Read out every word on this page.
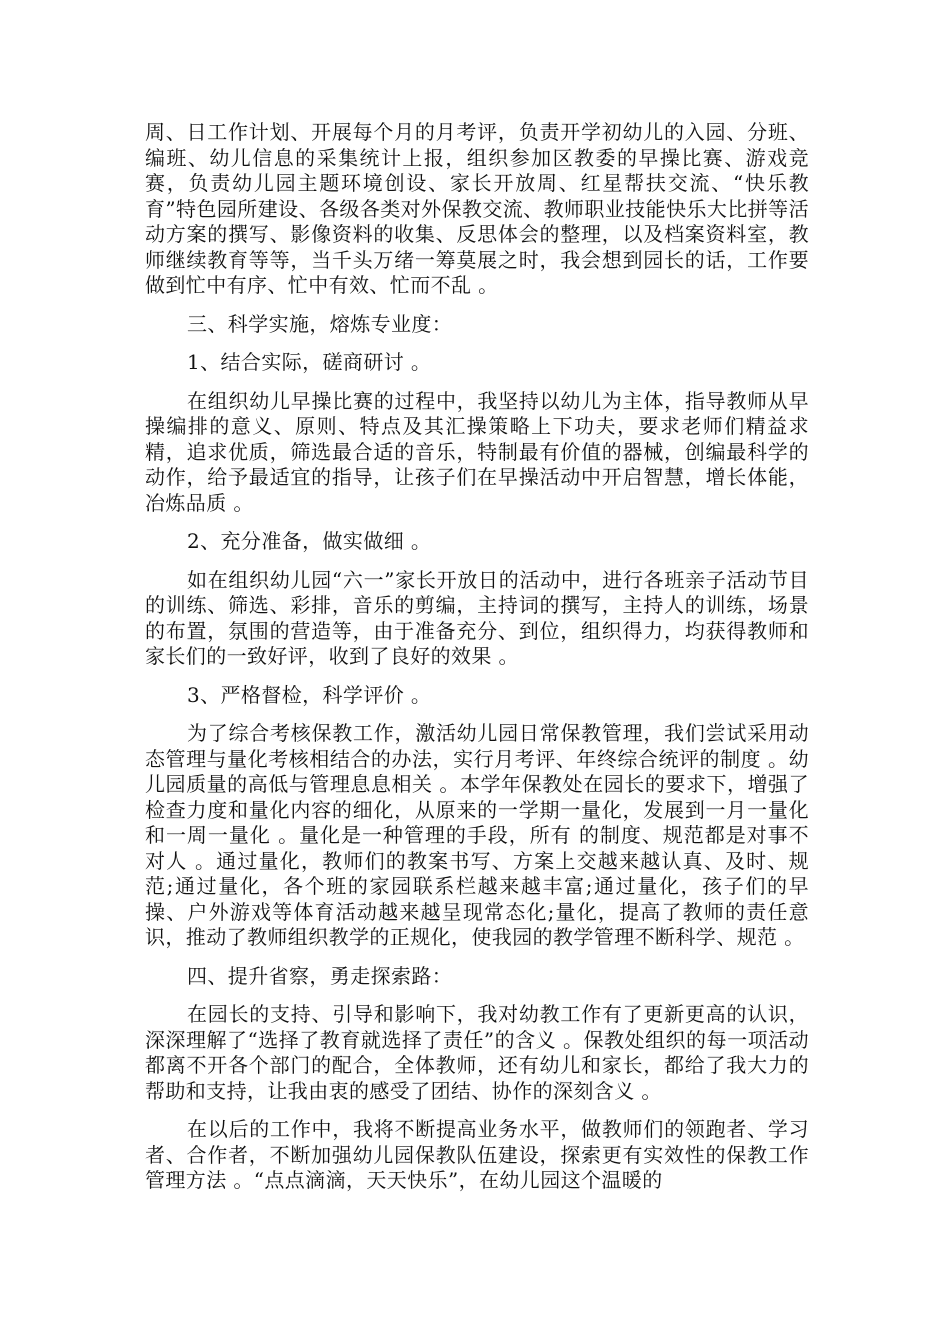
周、日工作计划、开展每个月的月考评，负责开学初幼儿的入园、分班、编班、幼儿信息的采集统计上报，组织参加区教委的早操比赛、游戏竞赛，负责幼儿园主题环境创设、家长开放周、红星帮扶交流、“快乐教育”特色园所建设、各级各类对外保教交流、教师职业技能快乐大比拼等活动方案的撰写、影像资料的收集、反思体会的整理，以及档案资料室，教师继续教育等等，当千头万绪一筹莫展之时，我会想到园长的话，工作要做到忙中有序、忙中有效、忙而不乱 。

三、科学实施，熔炼专业度：

1、结合实际，磋商研讨 。

在组织幼儿早操比赛的过程中，我坚持以幼儿为主体，指导教师从早操编排的意义、原则、特点及其汇操策略上下功夫，要求老师们精益求精，追求优质，筛选最合适的音乐，特制最有价值的器械，创编最科学的动作，给予最适宜的指导，让孩子们在早操活动中开启智慧，增长体能，冶炼品质 。

2、充分准备，做实做细 。

如在组织幼儿园“六一”家长开放日的活动中，进行各班亲子活动节目的训练、筛选、彩排，音乐的剪编，主持词的撰写，主持人的训练，场景的布置，氛围的营造等，由于准备充分、到位，组织得力，均获得教师和家长们的一致好评，收到了良好的效果 。

3、严格督检，科学评价 。

为了综合考核保教工作，激活幼儿园日常保教管理，我们尝试采用动态管理与量化考核相结合的办法，实行月考评、年终综合统评的制度 。幼儿园质量的高低与管理息息相关 。本学年保教处在园长的要求下，增强了检查力度和量化内容的细化，从原来的一学期一量化，发展到一月一量化和一周一量化 。量化是一种管理的手段，所有 的制度、规范都是对事不对人 。通过量化，教师们的教案书写、方案上交越来越认真、及时、规范;通过量化，各个班的家园联系栏越来越丰富;通过量化，孩子们的早操、户外游戏等体育活动越来越呈现常态化;量化，提高了教师的责任意识，推动了教师组织教学的正规化，使我园的教学管理不断科学、规范 。

四、提升省察，勇走探索路：

在园长的支持、引导和影响下，我对幼教工作有了更新更高的认识，深深理解了“选择了教育就选择了责任”的含义 。保教处组织的每一项活动都离不开各个部门的配合，全体教师，还有幼儿和家长，都给了我大力的帮助和支持，让我由衷的感受了团结、协作的深刻含义 。

在以后的工作中，我将不断提高业务水平，做教师们的领跑者、学习者、合作者，不断加强幼儿园保教队伍建设，探索更有实效性的保教工作管理方法 。“点点滴滴，天天快乐”，在幼儿园这个温暖的
